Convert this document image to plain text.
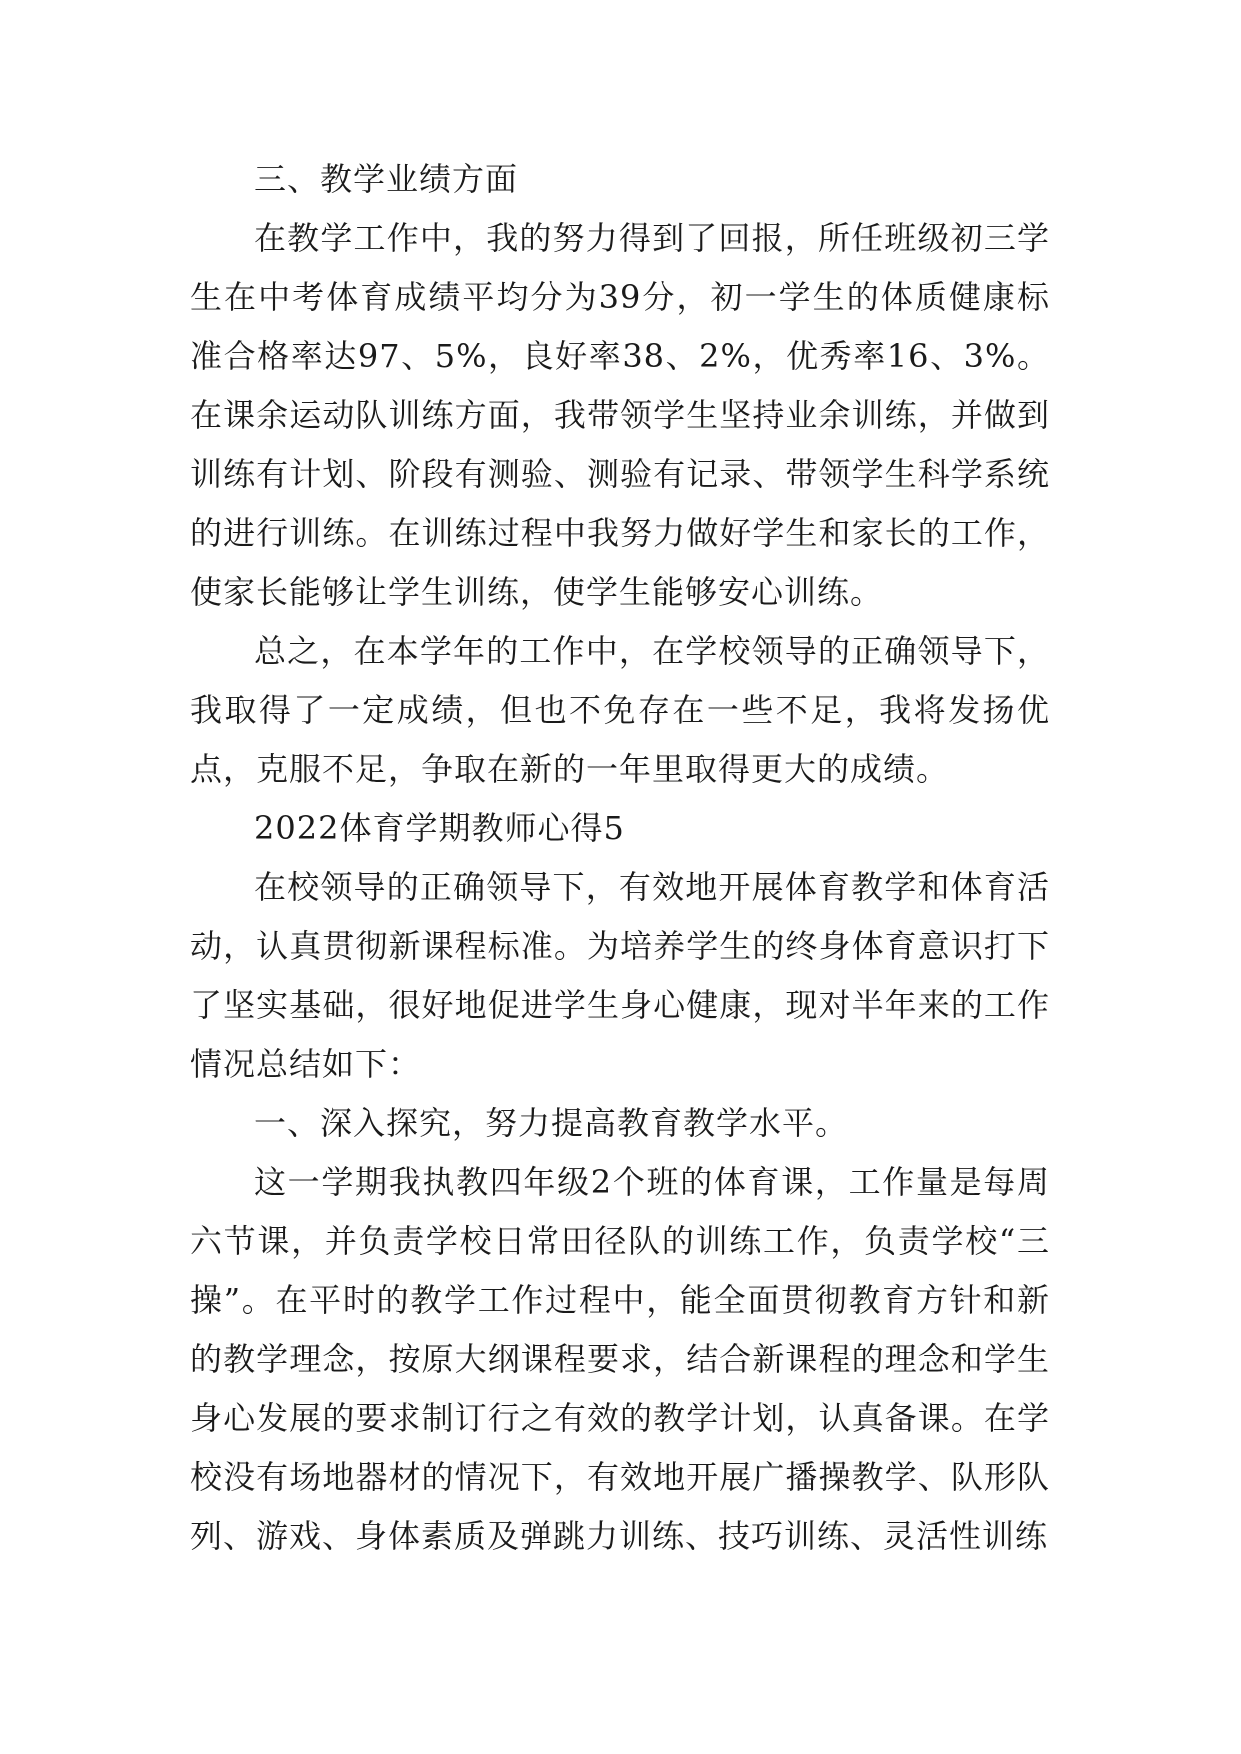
三、教学业绩方面

在教学工作中，我的努力得到了回报，所任班级初三学生在中考体育成绩平均分为39分，初一学生的体质健康标准合格率达97、5%，良好率38、2%，优秀率16、3%。在课余运动队训练方面，我带领学生坚持业余训练，并做到训练有计划、阶段有测验、测验有记录、带领学生科学系统的进行训练。在训练过程中我努力做好学生和家长的工作，使家长能够让学生训练，使学生能够安心训练。

总之，在本学年的工作中，在学校领导的正确领导下，我取得了一定成绩，但也不免存在一些不足，我将发扬优点，克服不足，争取在新的一年里取得更大的成绩。

2022体育学期教师心得5

在校领导的正确领导下，有效地开展体育教学和体育活动，认真贯彻新课程标准。为培养学生的终身体育意识打下了坚实基础，很好地促进学生身心健康，现对半年来的工作情况总结如下：

一、深入探究，努力提高教育教学水平。

这一学期我执教四年级2个班的体育课，工作量是每周六节课，并负责学校日常田径队的训练工作，负责学校“三操”。在平时的教学工作过程中，能全面贯彻教育方针和新的教学理念，按原大纲课程要求，结合新课程的理念和学生身心发展的要求制订行之有效的教学计划，认真备课。在学校没有场地器材的情况下，有效地开展广播操教学、队形队列、游戏、身体素质及弹跳力训练、技巧训练、灵活性训练
